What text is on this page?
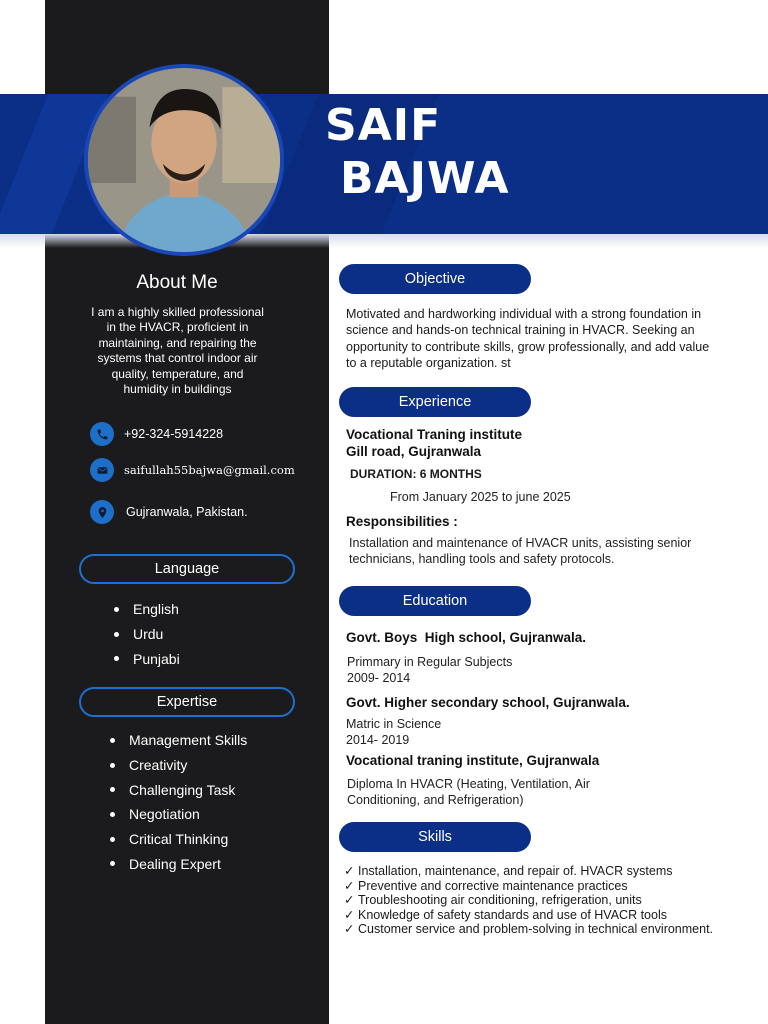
SAIF
BAJWA
About Me
I am a highly skilled professional in the HVACR, proficient in maintaining, and repairing the systems that control indoor air quality, temperature, and humidity in buildings
+92-324-5914228
saifullah55bajwa@gmail.com
Gujranwala, Pakistan.
Language
English
Urdu
Punjabi
Expertise
Management Skills
Creativity
Challenging Task
Negotiation
Critical Thinking
Dealing Expert
Objective
Motivated and hardworking individual with a strong foundation in science and hands-on technical training in HVACR. Seeking an opportunity to contribute skills, grow professionally, and add value to a reputable organization. st
Experience
Vocational Traning institute
Gill road, Gujranwala
DURATION: 6 MONTHS
From January 2025 to june 2025
Responsibilities :
Installation and maintenance of HVACR units, assisting senior technicians, handling tools and safety protocols.
Education
Govt. Boys  High school, Gujranwala.
Primmary in Regular Subjects
2009- 2014
Govt. Higher secondary school, Gujranwala.
Matric in Science
2014- 2019
Vocational traning institute, Gujranwala
Diploma In HVACR (Heating, Ventilation, Air Conditioning, and Refrigeration)
Skills
✓ Installation, maintenance, and repair of. HVACR systems
✓ Preventive and corrective maintenance practices
✓ Troubleshooting air conditioning, refrigeration, units
✓ Knowledge of safety standards and use of HVACR tools
✓ Customer service and problem-solving in technical environment.
